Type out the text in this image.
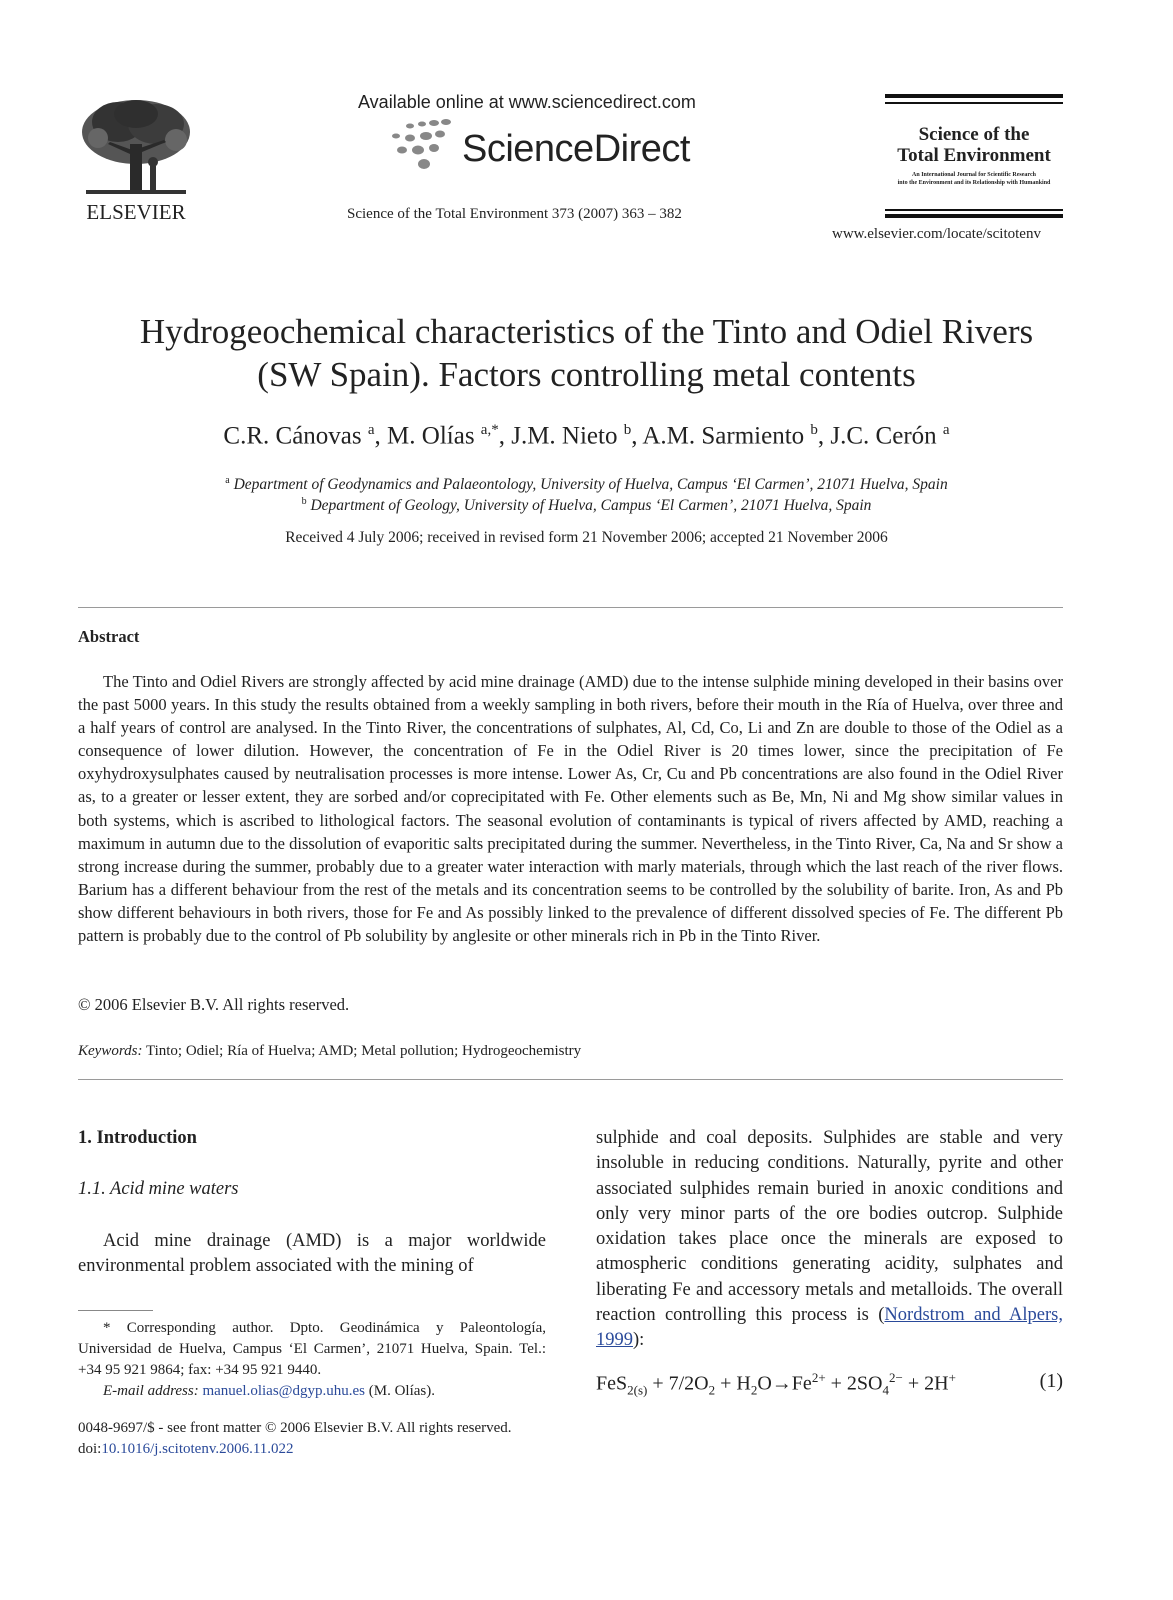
ELSEVIER
Available online at www.sciencedirect.com
ScienceDirect
Science of the Total Environment 373 (2007) 363 – 382
Science of the
Total Environment
An International Journal for Scientific Research
into the Environment and its Relationship with Humankind
www.elsevier.com/locate/scitotenv
Hydrogeochemical characteristics of the Tinto and Odiel Rivers
(SW Spain). Factors controlling metal contents
C.R. Cánovas $^a$, M. Olías $^{a,*}$, J.M. Nieto $^b$, A.M. Sarmiento $^b$, J.C. Cerón $^a$
$^a$ Department of Geodynamics and Palaeontology, University of Huelva, Campus ‘El Carmen’, 21071 Huelva, Spain
$^b$ Department of Geology, University of Huelva, Campus ‘El Carmen’, 21071 Huelva, Spain
Received 4 July 2006; received in revised form 21 November 2006; accepted 21 November 2006
Abstract
The Tinto and Odiel Rivers are strongly affected by acid mine drainage (AMD) due to the intense sulphide mining developed in their basins over the past 5000 years. In this study the results obtained from a weekly sampling in both rivers, before their mouth in the Ría of Huelva, over three and a half years of control are analysed. In the Tinto River, the concentrations of sulphates, Al, Cd, Co, Li and Zn are double to those of the Odiel as a consequence of lower dilution. However, the concentration of Fe in the Odiel River is 20 times lower, since the precipitation of Fe oxyhydroxysulphates caused by neutralisation processes is more intense. Lower As, Cr, Cu and Pb concentrations are also found in the Odiel River as, to a greater or lesser extent, they are sorbed and/or coprecipitated with Fe. Other elements such as Be, Mn, Ni and Mg show similar values in both systems, which is ascribed to lithological factors. The seasonal evolution of contaminants is typical of rivers affected by AMD, reaching a maximum in autumn due to the dissolution of evaporitic salts precipitated during the summer. Nevertheless, in the Tinto River, Ca, Na and Sr show a strong increase during the summer, probably due to a greater water interaction with marly materials, through which the last reach of the river flows. Barium has a different behaviour from the rest of the metals and its concentration seems to be controlled by the solubility of barite. Iron, As and Pb show different behaviours in both rivers, those for Fe and As possibly linked to the prevalence of different dissolved species of Fe. The different Pb pattern is probably due to the control of Pb solubility by anglesite or other minerals rich in Pb in the Tinto River.
© 2006 Elsevier B.V. All rights reserved.
Keywords: Tinto; Odiel; Ría of Huelva; AMD; Metal pollution; Hydrogeochemistry
1. Introduction
1.1. Acid mine waters
Acid mine drainage (AMD) is a major worldwide environmental problem associated with the mining of
sulphide and coal deposits. Sulphides are stable and very insoluble in reducing conditions. Naturally, pyrite and other associated sulphides remain buried in anoxic conditions and only very minor parts of the ore bodies outcrop. Sulphide oxidation takes place once the minerals are exposed to atmospheric conditions generating acidity, sulphates and liberating Fe and accessory metals and metalloids. The overall reaction controlling this process is (Nordstrom and Alpers, 1999):
$FeS_{2(s)} + 7/2O_2 + H_2O\to Fe^{2+} + 2SO_4^{2-} + 2H^+$	(1)
* Corresponding author. Dpto. Geodinámica y Paleontología, Universidad de Huelva, Campus ‘El Carmen’, 21071 Huelva, Spain. Tel.: +34 95 921 9864; fax: +34 95 921 9440.
E-mail address: manuel.olias@dgyp.uhu.es (M. Olías).
0048-9697/$ - see front matter © 2006 Elsevier B.V. All rights reserved.
doi:10.1016/j.scitotenv.2006.11.022
